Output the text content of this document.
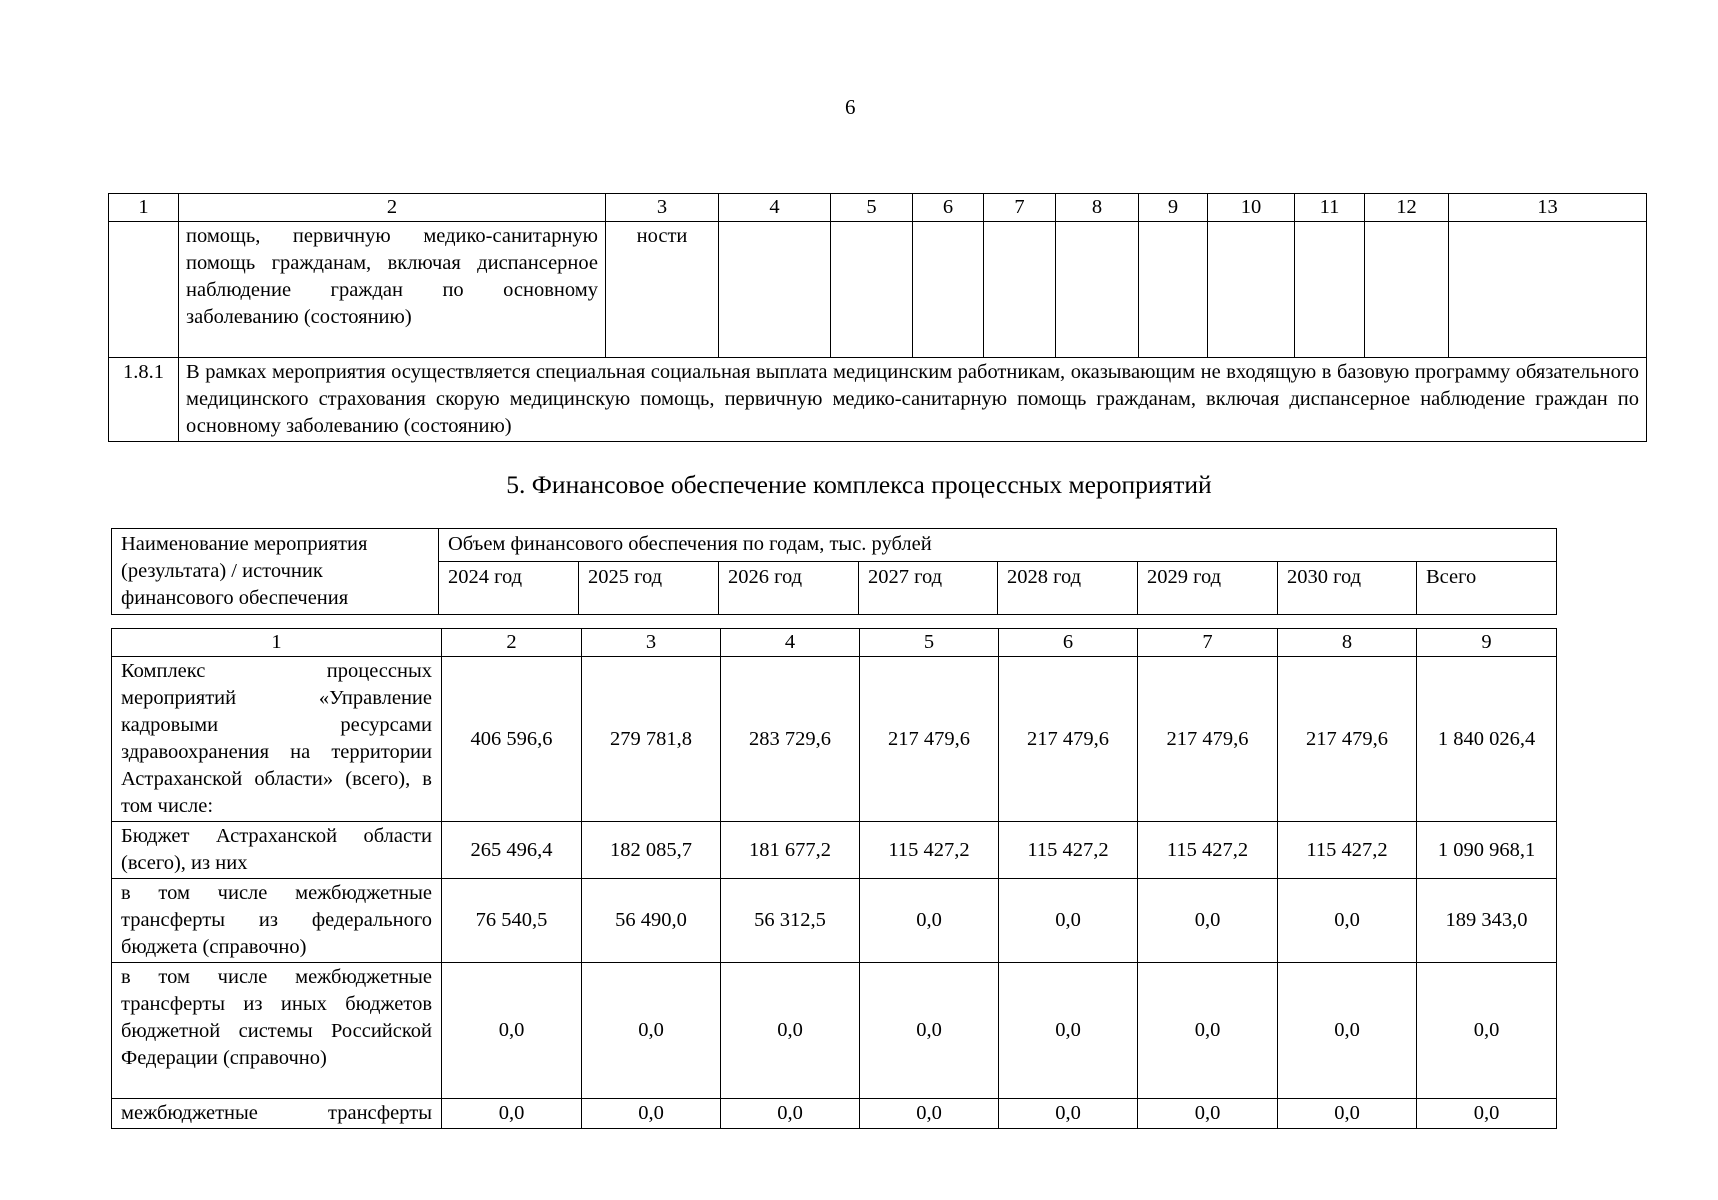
6
1	2	3	4	5	6	7	8	9	10	11	12	13
	помощь, первичную медико-санитарную помощь гражданам, включая диспансерное наблюдение граждан по основному заболеванию (состоянию)	ности										
1.8.1	В рамках мероприятия осуществляется специальная социальная выплата медицинским работникам, оказывающим не входящую в базовую программу обязательного медицинского страхования скорую медицинскую помощь, первичную медико-санитарную помощь гражданам, включая диспансерное наблюдение граждан по основному заболеванию (состоянию)											
5. Финансовое обеспечение комплекса процессных мероприятий
Наименование мероприятия (результата) / источник финансового обеспечения	Объем финансового обеспечения по годам, тыс. рублей							
	2024 год	2025 год	2026 год	2027 год	2028 год	2029 год	2030 год	Всего
1	2	3	4	5	6	7	8	9
Комплекс процессных мероприятий «Управление кадровыми ресурсами здравоохранения на территории Астраханской области» (всего), в том числе:	406 596,6	279 781,8	283 729,6	217 479,6	217 479,6	217 479,6	217 479,6	1 840 026,4
Бюджет Астраханской области (всего), из них	265 496,4	182 085,7	181 677,2	115 427,2	115 427,2	115 427,2	115 427,2	1 090 968,1
в том числе межбюджетные трансферты из федерального бюджета (справочно)	76 540,5	56 490,0	56 312,5	0,0	0,0	0,0	0,0	189 343,0
в том числе межбюджетные трансферты из иных бюджетов бюджетной системы Российской Федерации (справочно)	0,0	0,0	0,0	0,0	0,0	0,0	0,0	0,0
межбюджетные трансферты	0,0	0,0	0,0	0,0	0,0	0,0	0,0	0,0
